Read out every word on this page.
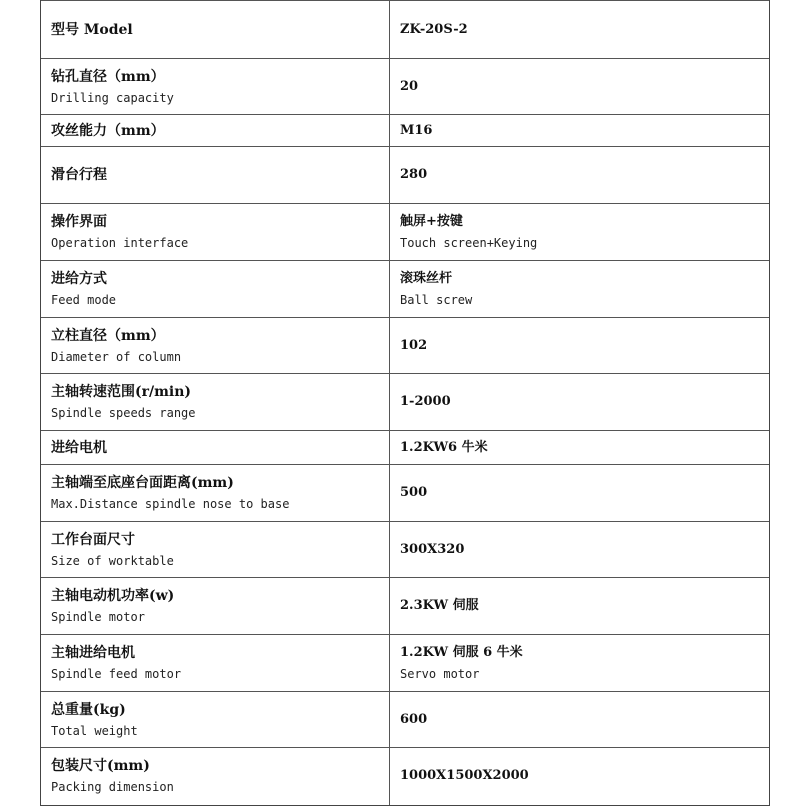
型号 Model	ZK-20S-2

钻孔直径（mm）
Drilling capacity	20

攻丝能力（mm）	M16

滑台行程	280

操作界面
Operation interface	触屏+按键
Touch screen+Keying

进给方式
Feed mode	滚珠丝杆
Ball screw

立柱直径（mm）
Diameter of column	102

主轴转速范围(r/min)
Spindle speeds range	1-2000

进给电机	1.2KW6 牛米

主轴端至底座台面距离(mm)
Max.Distance spindle nose to base	500

工作台面尺寸
Size of worktable	300X320

主轴电动机功率(w)
Spindle motor	2.3KW 伺服

主轴进给电机
Spindle feed motor	1.2KW 伺服 6 牛米
Servo motor

总重量(kg)
Total weight	600

包装尺寸(mm)
Packing dimension	1000X1500X2000
